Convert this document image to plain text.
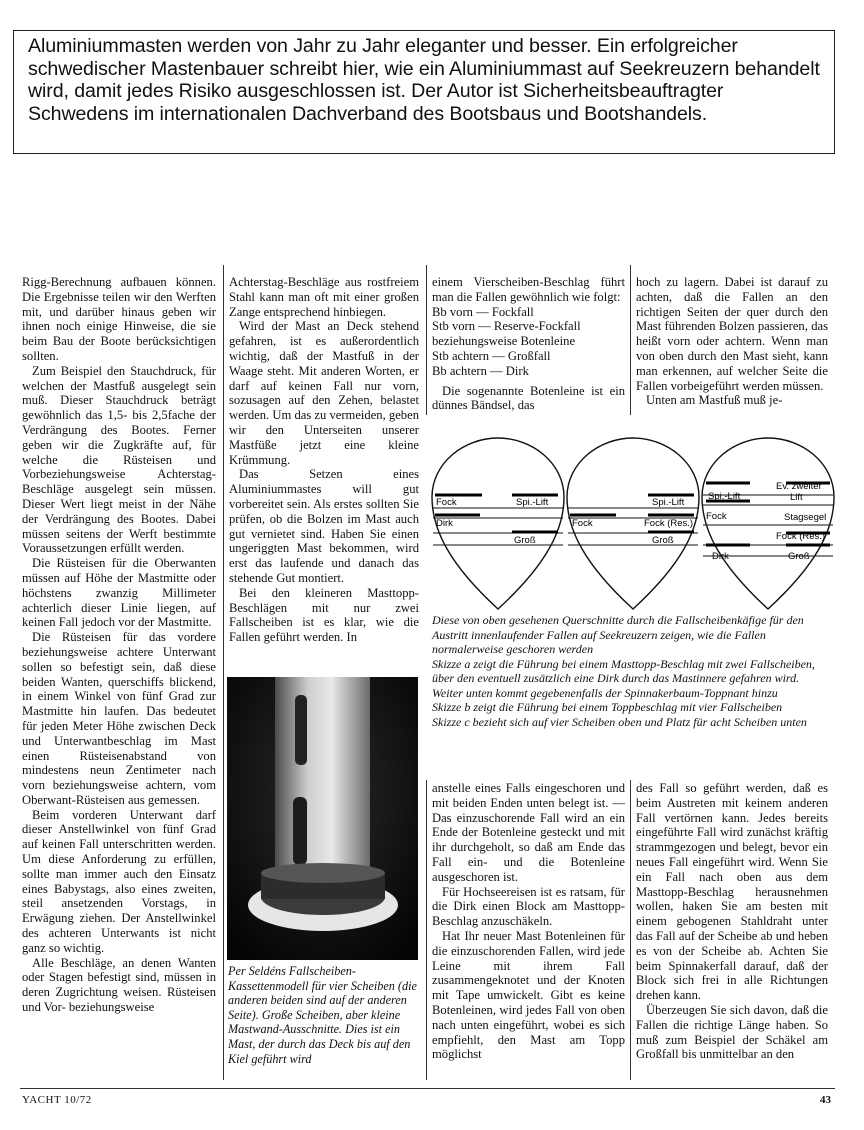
Aluminiummasten werden von Jahr zu Jahr eleganter und besser. Ein erfolgreicher schwedischer Mastenbauer schreibt hier, wie ein Aluminiummast auf Seekreuzern behandelt wird, damit jedes Risiko ausgeschlossen ist. Der Autor ist Sicherheitsbeauftragter Schwedens im internationalen Dachverband des Bootsbaus und Bootshandels.

Rigg-Berechnung aufbauen können. Die Ergebnisse teilen wir den Werften mit, und darüber hinaus geben wir ihnen noch einige Hinweise, die sie beim Bau der Boote berücksichtigen sollten.

Zum Beispiel den Stauchdruck, für welchen der Mastfuß ausgelegt sein muß. Dieser Stauchdruck beträgt gewöhnlich das 1,5- bis 2,5fache der Verdrängung des Bootes. Ferner geben wir die Zugkräfte auf, für welche die Rüsteisen und Vorbeziehungsweise Achterstag-Beschläge ausgelegt sein müssen. Dieser Wert liegt meist in der Nähe der Verdrängung des Bootes. Dabei müssen seitens der Werft bestimmte Voraussetzungen erfüllt werden.

Die Rüsteisen für die Oberwanten müssen auf Höhe der Mastmitte oder höchstens zwanzig Millimeter achterlich dieser Linie liegen, auf keinen Fall jedoch vor der Mastmitte.

Die Rüsteisen für das vordere beziehungsweise achtere Unterwant sollen so befestigt sein, daß diese beiden Wanten, querschiffs blickend, in einem Winkel von fünf Grad zur Mastmitte hin laufen. Das bedeutet für jeden Meter Höhe zwischen Deck und Unterwantbeschlag im Mast einen Rüsteisenabstand von mindestens neun Zentimeter nach vorn beziehungsweise achtern, vom Oberwant-Rüsteisen aus gemessen.

Beim vorderen Unterwant darf dieser Anstellwinkel von fünf Grad auf keinen Fall unterschritten werden. Um diese Anforderung zu erfüllen, sollte man immer auch den Einsatz eines Babystags, also eines zweiten, steil ansetzenden Vorstags, in Erwägung ziehen. Der Anstellwinkel des achteren Unterwants ist nicht ganz so wichtig.

Alle Beschläge, an denen Wanten oder Stagen befestigt sind, müssen in deren Zugrichtung weisen. Rüsteisen und Vor- beziehungsweise

Achterstag-Beschläge aus rostfreiem Stahl kann man oft mit einer großen Zange entsprechend hinbiegen.

Wird der Mast an Deck stehend gefahren, ist es außerordentlich wichtig, daß der Mastfuß in der Waage steht. Mit anderen Worten, er darf auf keinen Fall nur vorn, sozusagen auf den Zehen, belastet werden. Um das zu vermeiden, geben wir den Unterseiten unserer Mastfüße jetzt eine kleine Krümmung.

Das Setzen eines Aluminiummastes will gut vorbereitet sein. Als erstes sollten Sie prüfen, ob die Bolzen im Mast auch gut vernietet sind. Haben Sie einen ungeriggten Mast bekommen, wird erst das laufende und danach das stehende Gut montiert.

Bei den kleineren Masttopp-Beschlägen mit nur zwei Fallscheiben ist es klar, wie die Fallen geführt werden. In

einem Vierscheiben-Beschlag führt man die Fallen gewöhnlich wie folgt:

Bb vorn — Fockfall

Stb vorn — Reserve-Fockfall beziehungsweise Botenleine

Stb achtern — Großfall

Bb achtern — Dirk

Die sogenannte Botenleine ist ein dünnes Bändsel, das

hoch zu lagern. Dabei ist darauf zu achten, daß die Fallen an den richtigen Seiten der quer durch den Mast führenden Bolzen passieren, das heißt vorn oder achtern. Wenn man von oben durch den Mast sieht, kann man erkennen, auf welcher Seite die Fallen vorbeigeführt werden müssen.

Unten am Mastfuß muß je-

Fock	Spi.-Lift
Dirk
Groß
Spi.-Lift
Fock	Fock (Res.)
Groß
Ev. zweiter
Lift
Spi.-Lift
Fock	Stagsegel
Fock (Res.)
Dirk	Groß

Diese von oben gesehenen Querschnitte durch die Fallscheibenkäfige für den Austritt innenlaufender Fallen auf Seekreuzern zeigen, wie die Fallen normalerweise geschoren werden

Skizze a zeigt die Führung bei einem Masttopp-Beschlag mit zwei Fallscheiben, über den eventuell zusätzlich eine Dirk durch das Mastinnere gefahren wird. Weiter unten kommt gegebenenfalls der Spinnakerbaum-Toppnant hinzu

Skizze b zeigt die Führung bei einem Toppbeschlag mit vier Fallscheiben

Skizze c bezieht sich auf vier Scheiben oben und Platz für acht Scheiben unten

Per Seldéns Fallscheiben-Kassettenmodell für vier Scheiben (die anderen beiden sind auf der anderen Seite). Große Scheiben, aber kleine Mastwand-Ausschnitte. Dies ist ein Mast, der durch das Deck bis auf den Kiel geführt wird

anstelle eines Falls eingeschoren und mit beiden Enden unten belegt ist. — Das einzuschorende Fall wird an ein Ende der Botenleine gesteckt und mit ihr durchgeholt, so daß am Ende das Fall ein- und die Botenleine ausgeschoren ist.

Für Hochseereisen ist es ratsam, für die Dirk einen Block am Masttopp-Beschlag anzuschäkeln.

Hat Ihr neuer Mast Botenleinen für die einzuschorenden Fallen, wird jede Leine mit ihrem Fall zusammengeknotet und der Knoten mit Tape umwickelt. Gibt es keine Botenleinen, wird jedes Fall von oben nach unten eingeführt, wobei es sich empfiehlt, den Mast am Topp möglichst

des Fall so geführt werden, daß es beim Austreten mit keinem anderen Fall vertörnen kann. Jedes bereits eingeführte Fall wird zunächst kräftig strammgezogen und belegt, bevor ein neues Fall eingeführt wird. Wenn Sie ein Fall nach oben aus dem Masttopp-Beschlag herausnehmen wollen, haken Sie am besten mit einem gebogenen Stahldraht unter das Fall auf der Scheibe ab und heben es von der Scheibe ab. Achten Sie beim Spinnakerfall darauf, daß der Block sich frei in alle Richtungen drehen kann.

Überzeugen Sie sich davon, daß die Fallen die richtige Länge haben. So muß zum Beispiel der Schäkel am Großfall bis unmittelbar an den

YACHT 10/72	43
